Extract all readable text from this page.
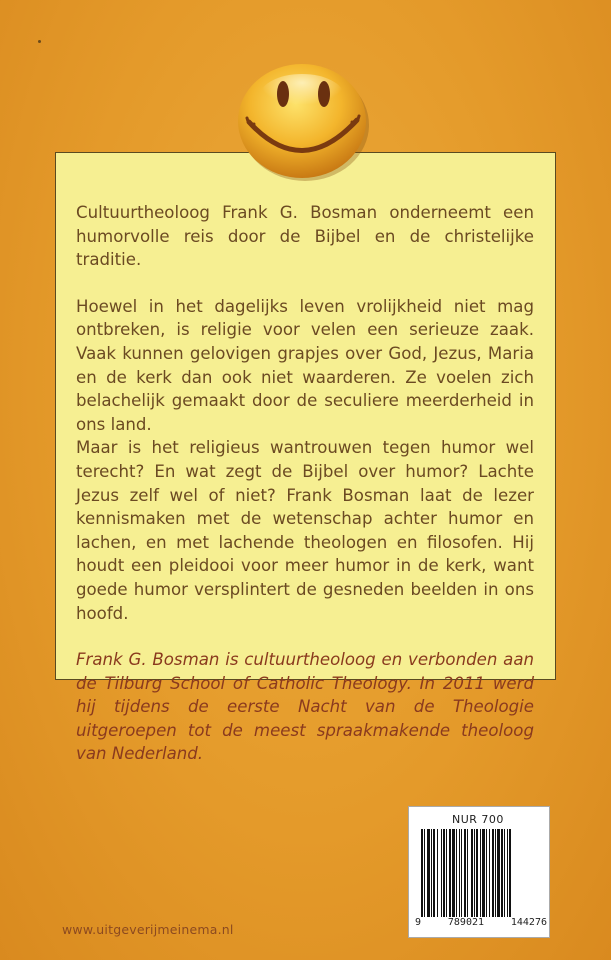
Cultuurtheoloog Frank G. Bosman onderneemt een humorvolle reis door de Bijbel en de christelijke traditie.

Hoewel in het dagelijks leven vrolijkheid niet mag ontbreken, is religie voor velen een serieuze zaak. Vaak kunnen gelovigen grapjes over God, Jezus, Maria en de kerk dan ook niet waarderen. Ze voelen zich belachelijk gemaakt door de seculiere meerderheid in ons land.

Maar is het religieus wantrouwen tegen humor wel terecht? En wat zegt de Bijbel over humor? Lachte Jezus zelf wel of niet? Frank Bosman laat de lezer kennismaken met de wetenschap achter humor en lachen, en met lachende theologen en filosofen. Hij houdt een pleidooi voor meer humor in de kerk, want goede humor versplintert de gesneden beelden in ons hoofd.

Frank G. Bosman is cultuurtheoloog en verbonden aan de Tilburg School of Catholic Theology. In 2011 werd hij tijdens de eerste Nacht van de Theologie uitgeroepen tot de meest spraakmakende theoloog van Nederland.

NUR 700
9	789021	144276
www.uitgeverijmeinema.nl
